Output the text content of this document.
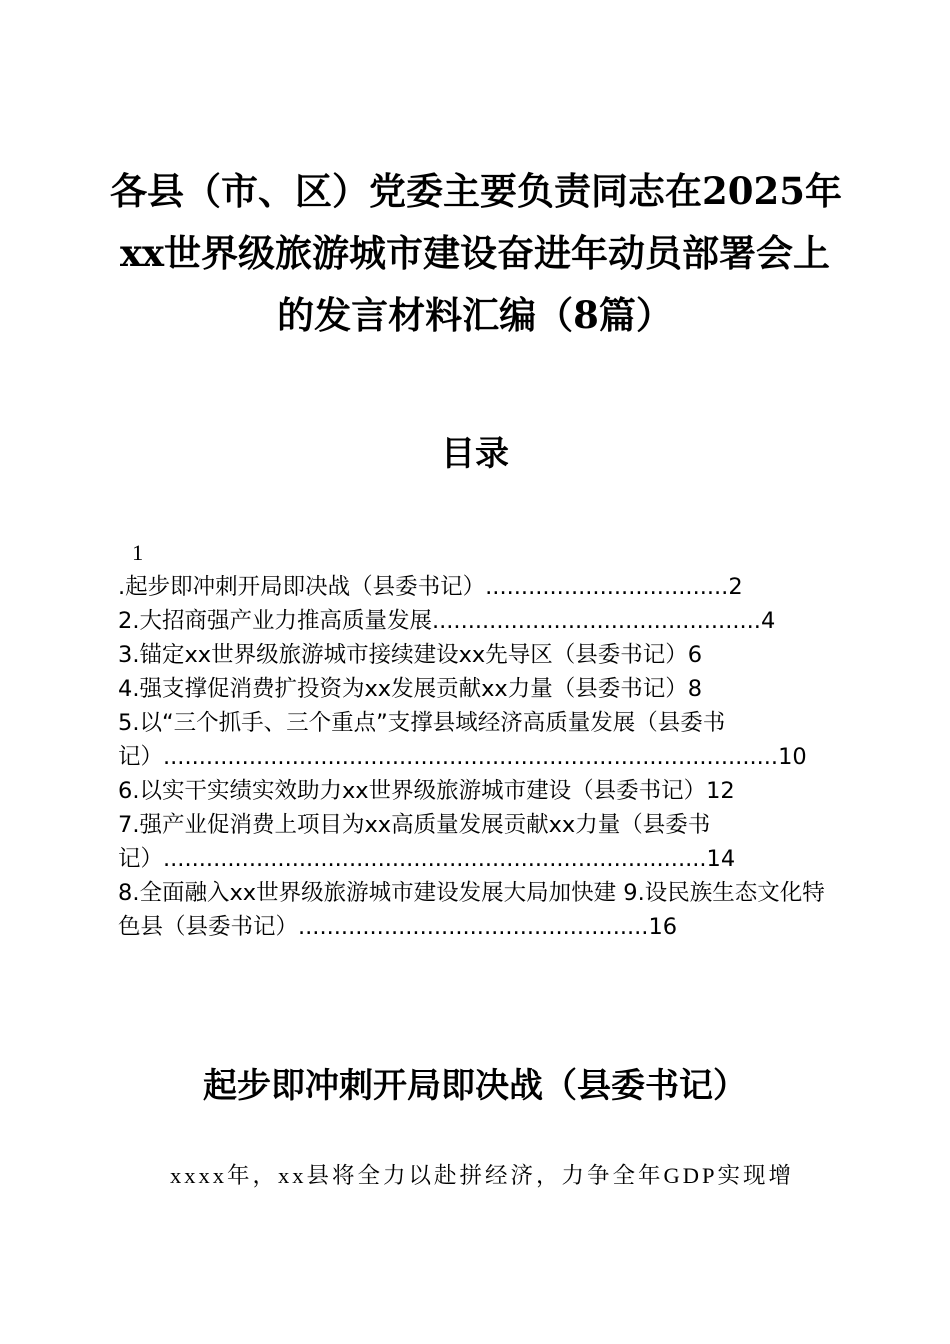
各县（市、区）党委主要负责同志在2025年
xx世界级旅游城市建设奋进年动员部署会上
的发言材料汇编（8篇）
目录
1
.起步即冲刺开局即决战（县委书记）..................................2
2.大招商强产业力推高质量发展..............................................4
3.锚定xx世界级旅游城市接续建设xx先导区（县委书记）6
4.强支撑促消费扩投资为xx发展贡献xx力量（县委书记）8
5.以“三个抓手、三个重点”支撑县域经济高质量发展（县委书记）......................................................................................10
6.以实干实绩实效助力xx世界级旅游城市建设（县委书记）12
7.强产业促消费上项目为xx高质量发展贡献xx力量（县委书记）............................................................................14
8.全面融入xx世界级旅游城市建设发展大局加快建 9.设民族生态文化特色县（县委书记）.................................................16
起步即冲刺开局即决战（县委书记）
xxxx年，xx县将全力以赴拼经济，力争全年GDP实现增
